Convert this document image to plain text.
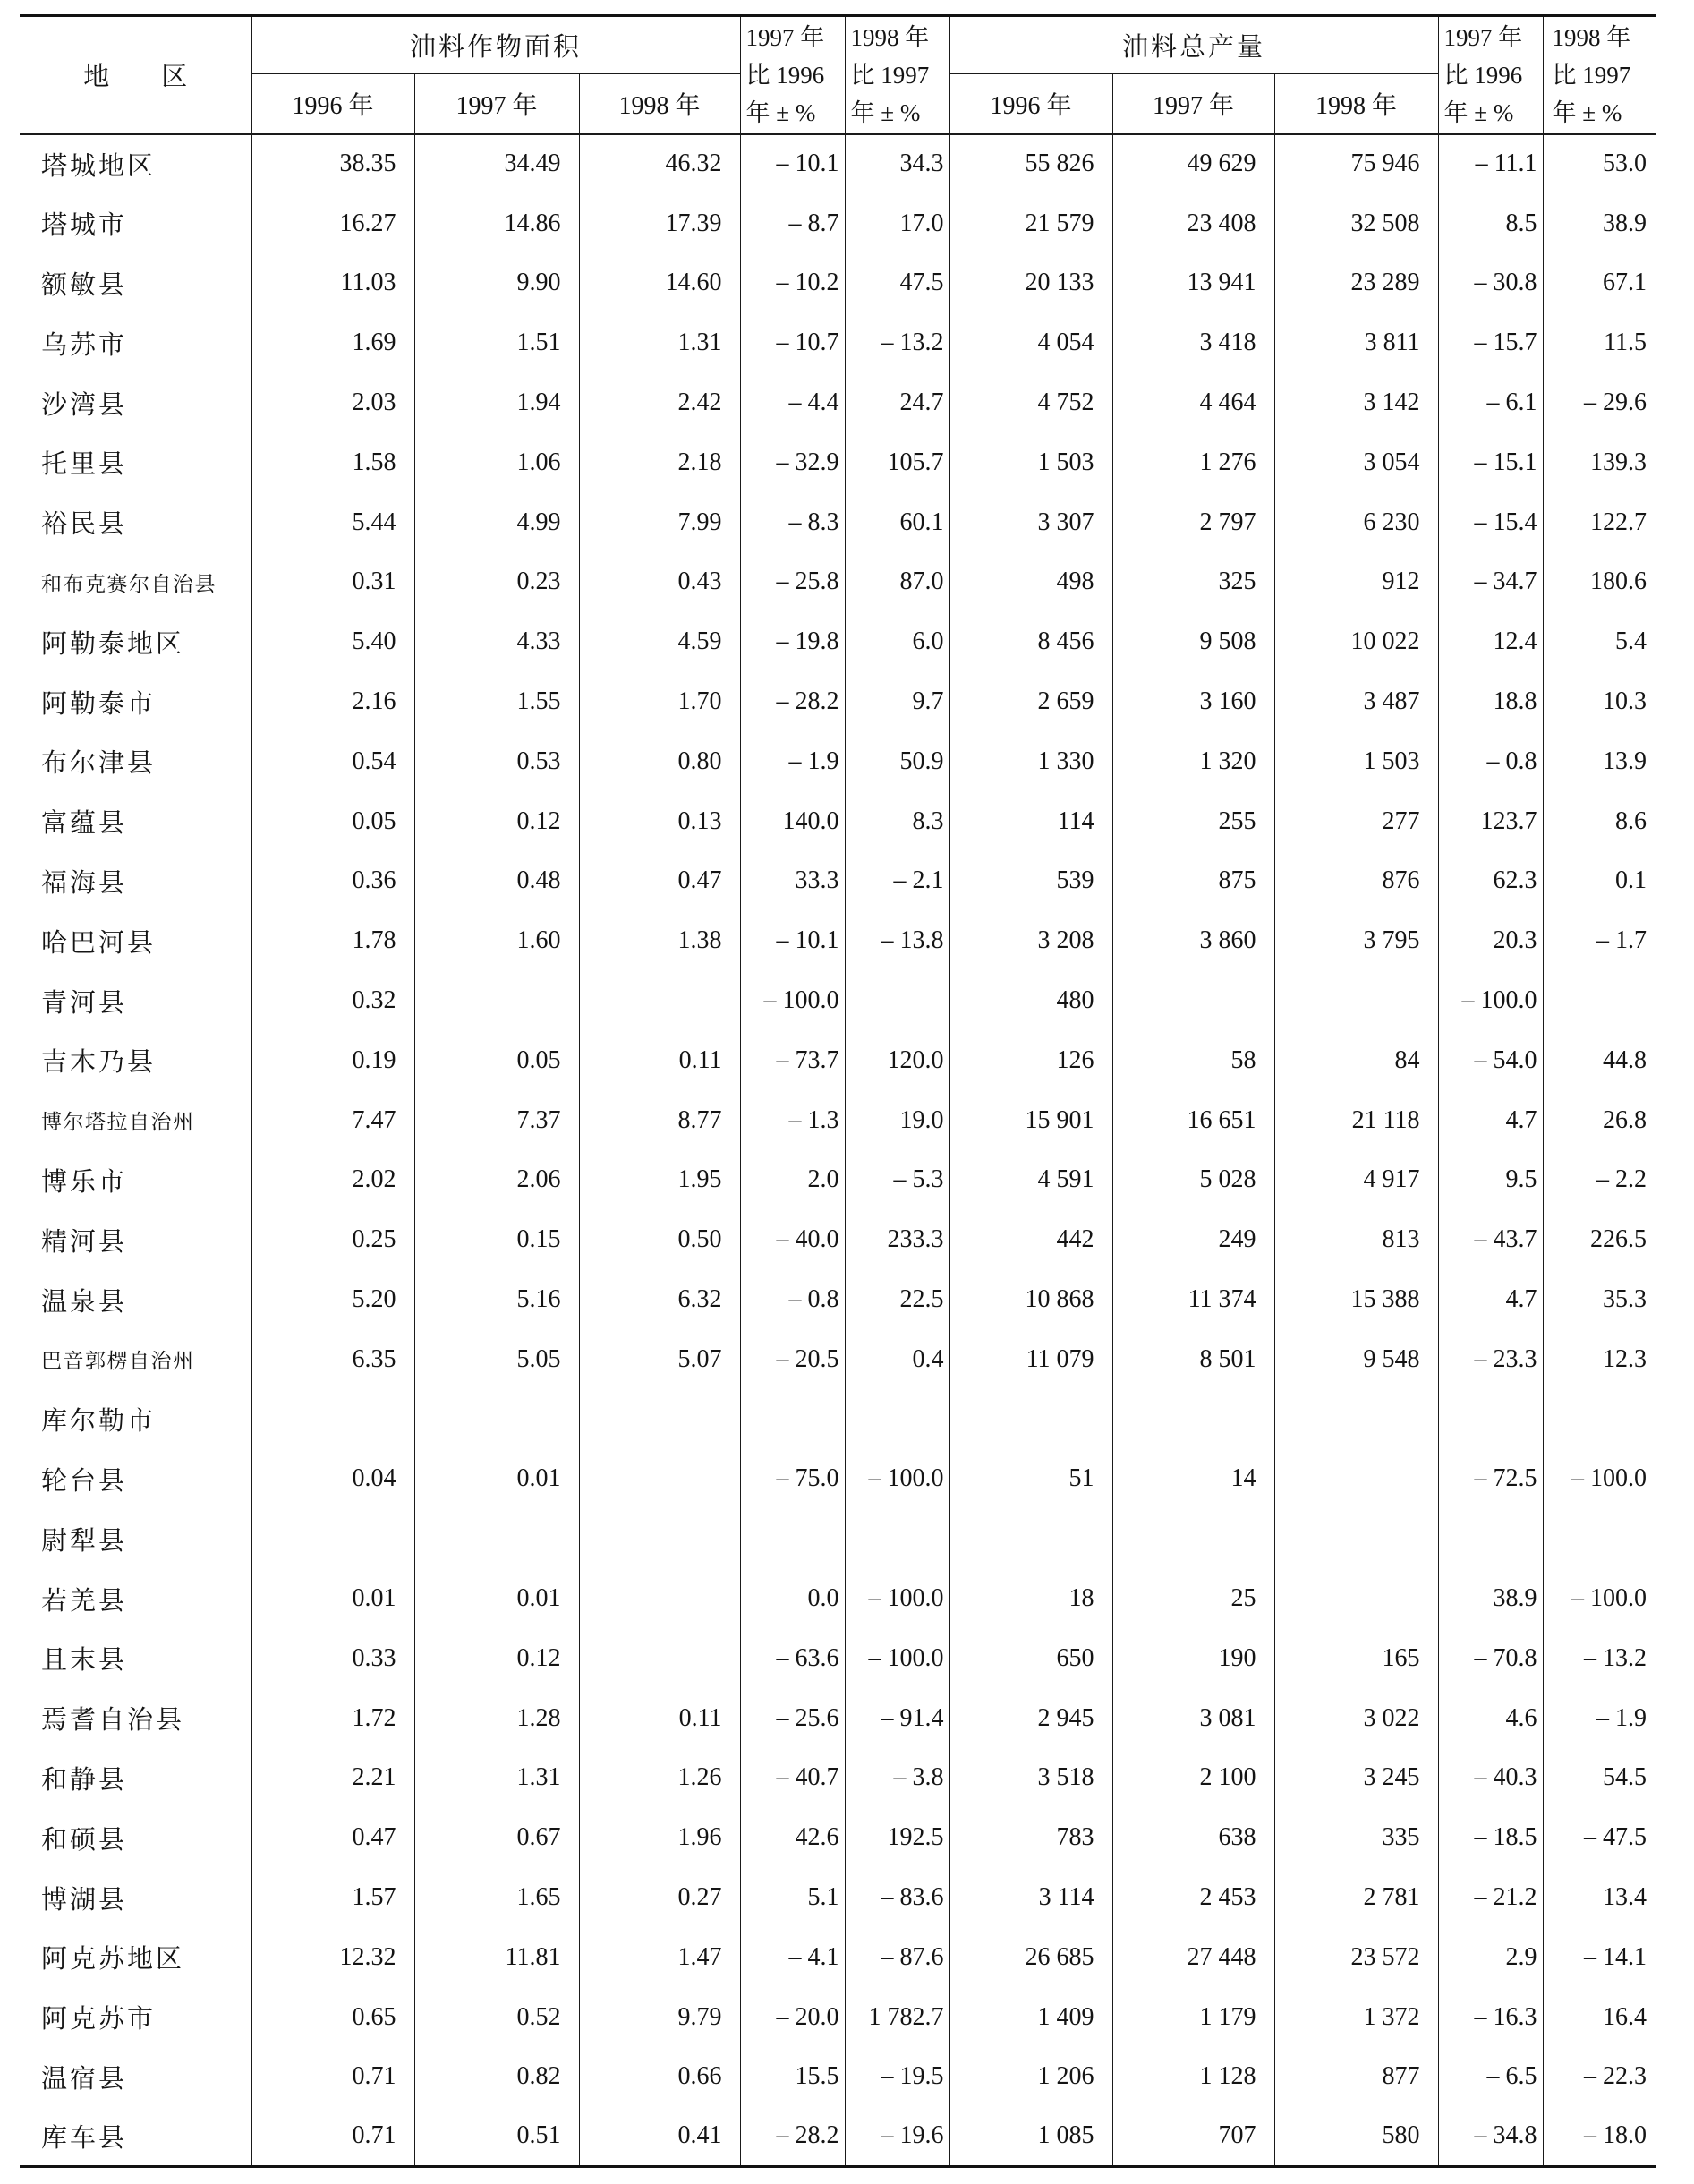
地　　区	油料作物面积			1997 年
比 1996
年 ± %	1998 年
比 1997
年 ± %	油料总产量			1997 年
比 1996
年 ± %	1998 年
比 1997
年 ± %

	1996 年	1997 年	1998 年			1996 年	1997 年	1998 年		
塔城地区	38.35	34.49	46.32	– 10.1	34.3	55 826	49 629	75 946	– 11.1	53.0
塔城市	16.27	14.86	17.39	– 8.7	17.0	21 579	23 408	32 508	8.5	38.9
额敏县	11.03	9.90	14.60	– 10.2	47.5	20 133	13 941	23 289	– 30.8	67.1
乌苏市	1.69	1.51	1.31	– 10.7	– 13.2	4 054	3 418	3 811	– 15.7	11.5
沙湾县	2.03	1.94	2.42	– 4.4	24.7	4 752	4 464	3 142	– 6.1	– 29.6
托里县	1.58	1.06	2.18	– 32.9	105.7	1 503	1 276	3 054	– 15.1	139.3
裕民县	5.44	4.99	7.99	– 8.3	60.1	3 307	2 797	6 230	– 15.4	122.7
和布克赛尔自治县	0.31	0.23	0.43	– 25.8	87.0	498	325	912	– 34.7	180.6
阿勒泰地区	5.40	4.33	4.59	– 19.8	6.0	8 456	9 508	10 022	12.4	5.4
阿勒泰市	2.16	1.55	1.70	– 28.2	9.7	2 659	3 160	3 487	18.8	10.3
布尔津县	0.54	0.53	0.80	– 1.9	50.9	1 330	1 320	1 503	– 0.8	13.9
富蕴县	0.05	0.12	0.13	140.0	8.3	114	255	277	123.7	8.6
福海县	0.36	0.48	0.47	33.3	– 2.1	539	875	876	62.3	0.1
哈巴河县	1.78	1.60	1.38	– 10.1	– 13.8	3 208	3 860	3 795	20.3	– 1.7
青河县	0.32			– 100.0		480			– 100.0	
吉木乃县	0.19	0.05	0.11	– 73.7	120.0	126	58	84	– 54.0	44.8
博尔塔拉自治州	7.47	7.37	8.77	– 1.3	19.0	15 901	16 651	21 118	4.7	26.8
博乐市	2.02	2.06	1.95	2.0	– 5.3	4 591	5 028	4 917	9.5	– 2.2
精河县	0.25	0.15	0.50	– 40.0	233.3	442	249	813	– 43.7	226.5
温泉县	5.20	5.16	6.32	– 0.8	22.5	10 868	11 374	15 388	4.7	35.3
巴音郭楞自治州	6.35	5.05	5.07	– 20.5	0.4	11 079	8 501	9 548	– 23.3	12.3
库尔勒市										
轮台县	0.04	0.01		– 75.0	– 100.0	51	14		– 72.5	– 100.0
尉犁县										
若羌县	0.01	0.01		0.0	– 100.0	18	25		38.9	– 100.0
且末县	0.33	0.12		– 63.6	– 100.0	650	190	165	– 70.8	– 13.2
焉耆自治县	1.72	1.28	0.11	– 25.6	– 91.4	2 945	3 081	3 022	4.6	– 1.9
和静县	2.21	1.31	1.26	– 40.7	– 3.8	3 518	2 100	3 245	– 40.3	54.5
和硕县	0.47	0.67	1.96	42.6	192.5	783	638	335	– 18.5	– 47.5
博湖县	1.57	1.65	0.27	5.1	– 83.6	3 114	2 453	2 781	– 21.2	13.4
阿克苏地区	12.32	11.81	1.47	– 4.1	– 87.6	26 685	27 448	23 572	2.9	– 14.1
阿克苏市	0.65	0.52	9.79	– 20.0	1 782.7	1 409	1 179	1 372	– 16.3	16.4
温宿县	0.71	0.82	0.66	15.5	– 19.5	1 206	1 128	877	– 6.5	– 22.3
库车县	0.71	0.51	0.41	– 28.2	– 19.6	1 085	707	580	– 34.8	– 18.0
